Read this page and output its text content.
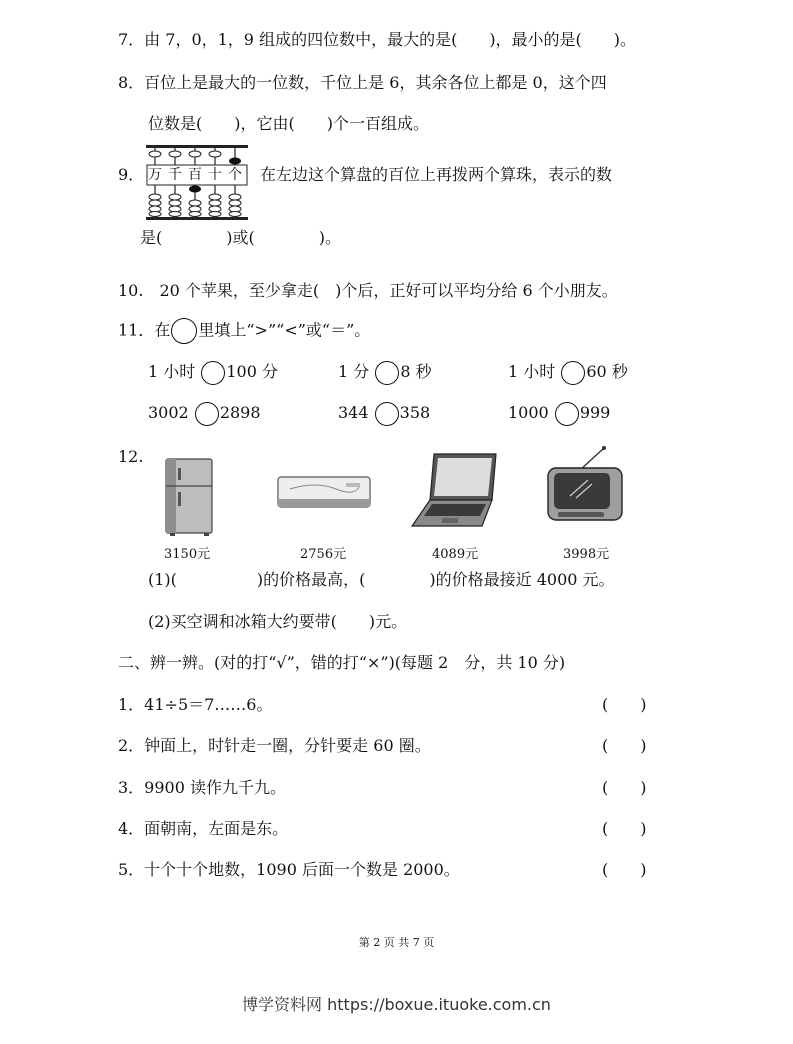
7．由 7，0，1，9 组成的四位数中，最大的是(　　)，最小的是(　　)。
8．百位上是最大的一位数，千位上是 6，其余各位上都是 0，这个四
位数是(　　)，它由(　　)个一百组成。
9． 万 千 百 十 个 在左边这个算盘的百位上再拨两个算珠，表示的数
是(　　　　)或(　　　　)。
10.　20 个苹果，至少拿走(　)个后，正好可以平均分给 6 个小朋友。
11．在 里填上“>”“<”或“＝”。
1 小时 100 分	1 分 8 秒	1 小时 60 秒
3002 2898	344 358	1000 999
12.
3150元	2756元	4089元	3998元
(1)(　　　　　)的价格最高，(　　　　)的价格最接近 4000 元。
(2)买空调和冰箱大约要带(　　)元。
二、辨一辨。(对的打“√”，错的打“×”)(每题 2　分，共 10 分)
1．41÷5＝7……6。	(　　)
2．钟面上，时针走一圈，分针要走 60 圈。	(　　)
3．9900 读作九千九。	(　　)
4．面朝南，左面是东。	(　　)
5．十个十个地数，1090 后面一个数是 2000。	(　　)
第 2 页 共 7 页
博学资料网 https://boxue.ituoke.com.cn
